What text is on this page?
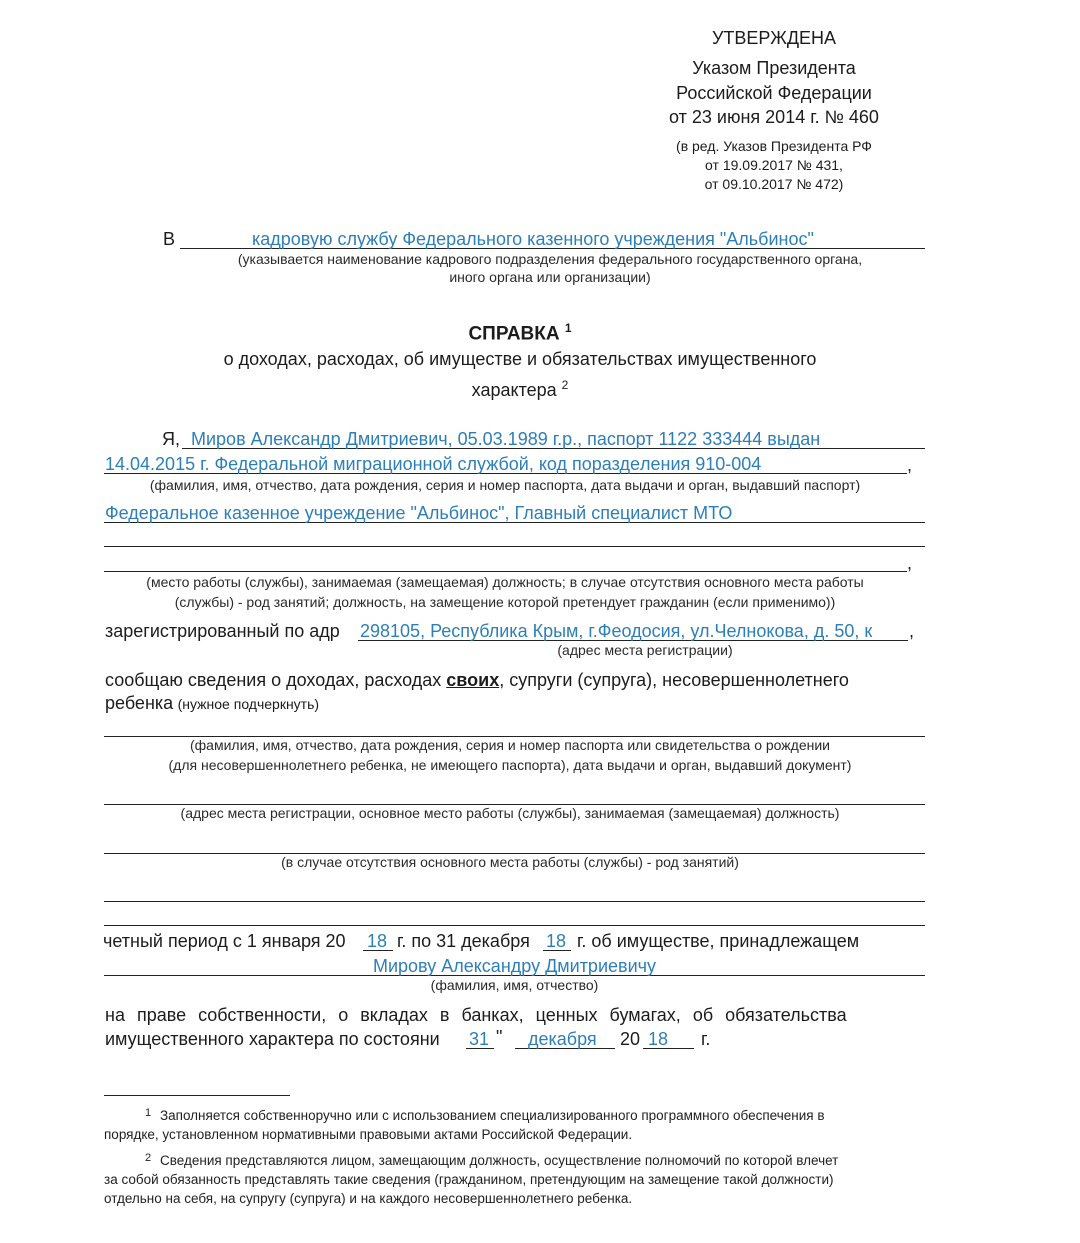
УТВЕРЖДЕНА
Указом Президента
Российской Федерации
от 23 июня 2014 г. № 460
(в ред. Указов Президента РФ
от 19.09.2017 № 431,
от 09.10.2017 № 472)
В	кадровую службу Федерального казенного учреждения "Альбинос"
(указывается наименование кадрового подразделения федерального государственного органа,
иного органа или организации)
СПРАВКА $^1$
о доходах, расходах, об имуществе и обязательствах имущественного
характера $^2$
Я, Миров Александр Дмитриевич, 05.03.1989 г.р., паспорт 1122 333444 выдан
14.04.2015 г. Федеральной миграционной службой, код пораздeления 910-004	,
(фамилия, имя, отчество, дата рождения, серия и номер паспорта, дата выдачи и орган, выдавший паспорт)
Федеральное казенное учреждение "Альбинос", Главный специалист МТО
,
(место работы (службы), занимаемая (замещаемая) должность; в случае отсутствия основного места работы
(службы) - род занятий; должность, на замещение которой претендует гражданин (если применимо))
зарегистрированный по адр 298105, Республика Крым, г.Феодосия, ул.Челнокова, д. 50, к	,
(адрес места регистрации)
сообщаю сведения о доходах, расходах своих, супруги (супруга), несовершеннолетнего
ребенка (нужное подчеркнуть)
(фамилия, имя, отчество, дата рождения, серия и номер паспорта или свидетельства о рождении
(для несовершеннолетнего ребенка, не имеющего паспорта), дата выдачи и орган, выдавший документ)
(адрес места регистрации, основное место работы (службы), занимаемая (замещаемая) должность)
(в случае отсутствия основного места работы (службы) - род занятий)
четный период с 1 января 20 18 г. по 31 декабря 18 г. об имуществе, принадлежащем
Мирову Александру Дмитриевичу
(фамилия, имя, отчество)
на праве собственности, о вкладах в банках, ценных бумагах, об обязательства
имущественного характера по состояни 31 " декабря 20 18 г.
1 Заполняется собственноручно или с использованием специализированного программного обеспечения в
порядке, установленном нормативными правовыми актами Российской Федерации.
2 Сведения представляются лицом, замещающим должность, осуществление полномочий по которой влечет
за собой обязанность представлять такие сведения (гражданином, претендующим на замещение такой должности)
отдельно на себя, на супругу (супруга) и на каждого несовершеннолетнего ребенка.
